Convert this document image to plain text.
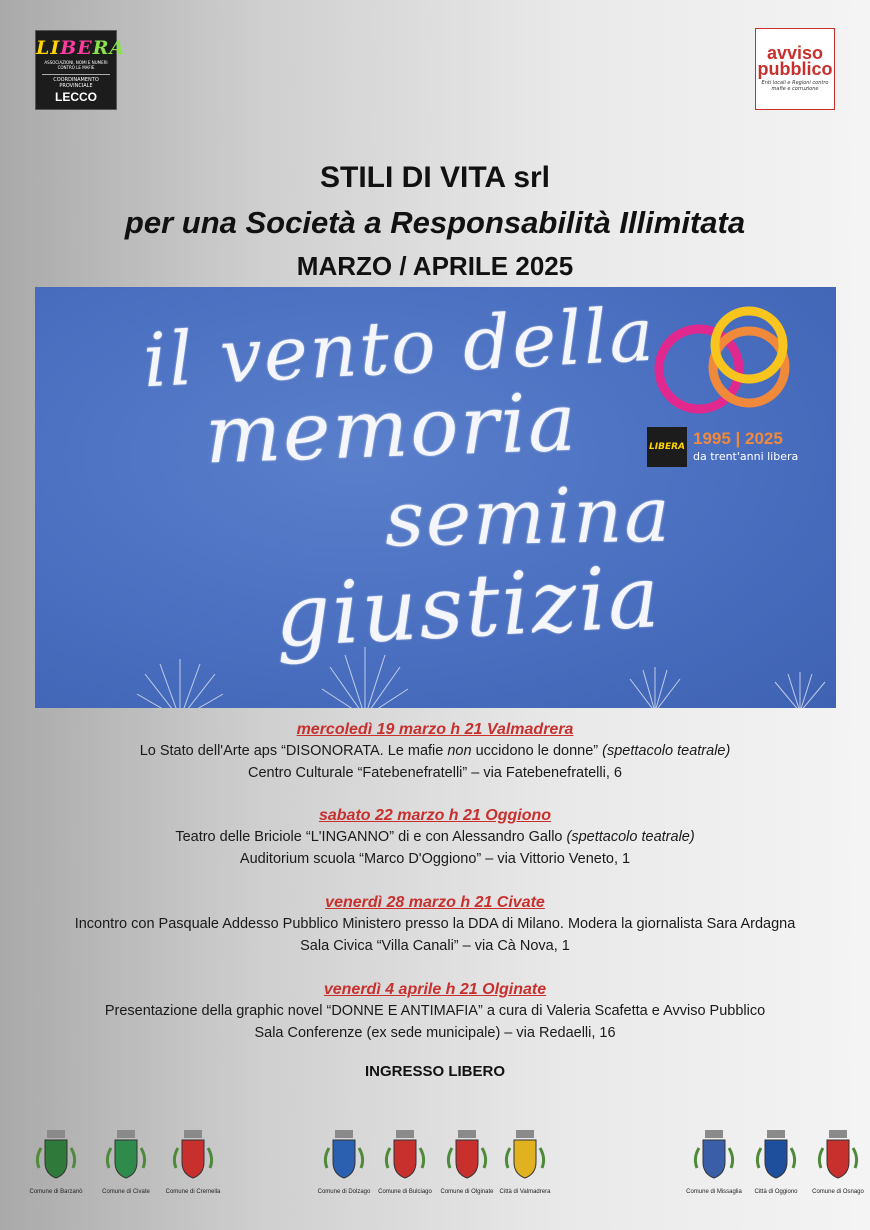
LIBERA
ASSOCIAZIONI, NOMI E NUMERI CONTRO LE MAFIE
COORDINAMENTO PROVINCIALE
LECCO
avviso
pubblico
Enti locali e Regioni contro mafie e corruzione
STILI DI VITA srl
per una Società a Responsabilità Illimitata
MARZO / APRILE 2025
il vento della
memoria
semina
giustizia
LIBERA 1995 | 2025
da trent'anni libera
mercoledì 19 marzo h 21 Valmadrera
Lo Stato dell'Arte aps “DISONORATA. Le mafie non uccidono le donne” (spettacolo teatrale)
Centro Culturale “Fatebenefratelli” – via Fatebenefratelli, 6
sabato 22 marzo h 21 Oggiono
Teatro delle Briciole “L'INGANNO” di e con Alessandro Gallo (spettacolo teatrale)
Auditorium scuola “Marco D'Oggiono” – via Vittorio Veneto, 1
venerdì 28 marzo h 21 Civate
Incontro con Pasquale Addesso Pubblico Ministero presso la DDA di Milano. Modera la giornalista Sara Ardagna
Sala Civica “Villa Canali” – via Cà Nova, 1
venerdì 4 aprile h 21 Olginate
Presentazione della graphic novel “DONNE E ANTIMAFIA” a cura di Valeria Scafetta e Avviso Pubblico
Sala Conferenze (ex sede municipale) – via Redaelli, 16
INGRESSO LIBERO
Comune di Barzanò	Comune di Civate	Comune di Cremella	Comune di Dolzago	Comune di Bulciago	Comune di Olginate	Città di Valmadrera	Comune di Missaglia	Città di Oggiono	Comune di Osnago
